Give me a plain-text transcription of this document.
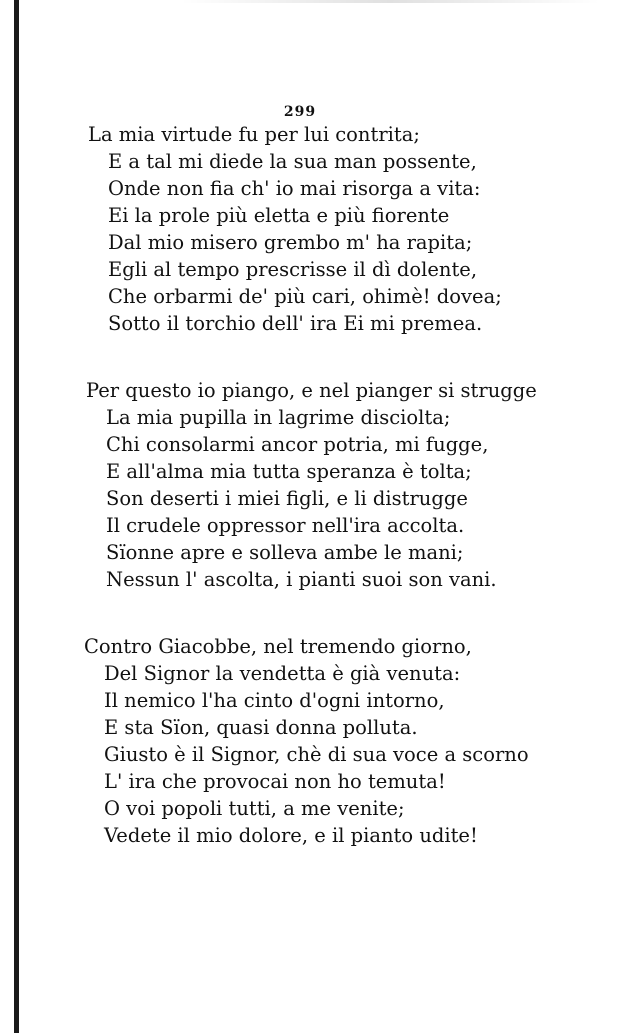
299
La mia virtude fu per lui contrita;
E a tal mi diede la sua man possente,
Onde non fia ch' io mai risorga a vita:
Ei la prole più eletta e più fiorente
Dal mio misero grembo m' ha rapita;
Egli al tempo prescrisse il dì dolente,
Che orbarmi de' più cari, ohimè! dovea;
Sotto il torchio dell' ira Ei mi premea.
Per questo io piango, e nel pianger si strugge
La mia pupilla in lagrime disciolta;
Chi consolarmi ancor potria, mi fugge,
E all'alma mia tutta speranza è tolta;
Son deserti i miei figli, e li distrugge
Il crudele oppressor nell'ira accolta.
Sïonne apre e solleva ambe le mani;
Nessun l' ascolta, i pianti suoi son vani.
Contro Giacobbe, nel tremendo giorno,
Del Signor la vendetta è già venuta:
Il nemico l'ha cinto d'ogni intorno,
E sta Sïon, quasi donna polluta.
Giusto è il Signor, chè di sua voce a scorno
L' ira che provocai non ho temuta!
O voi popoli tutti, a me venite;
Vedete il mio dolore, e il pianto udite!
